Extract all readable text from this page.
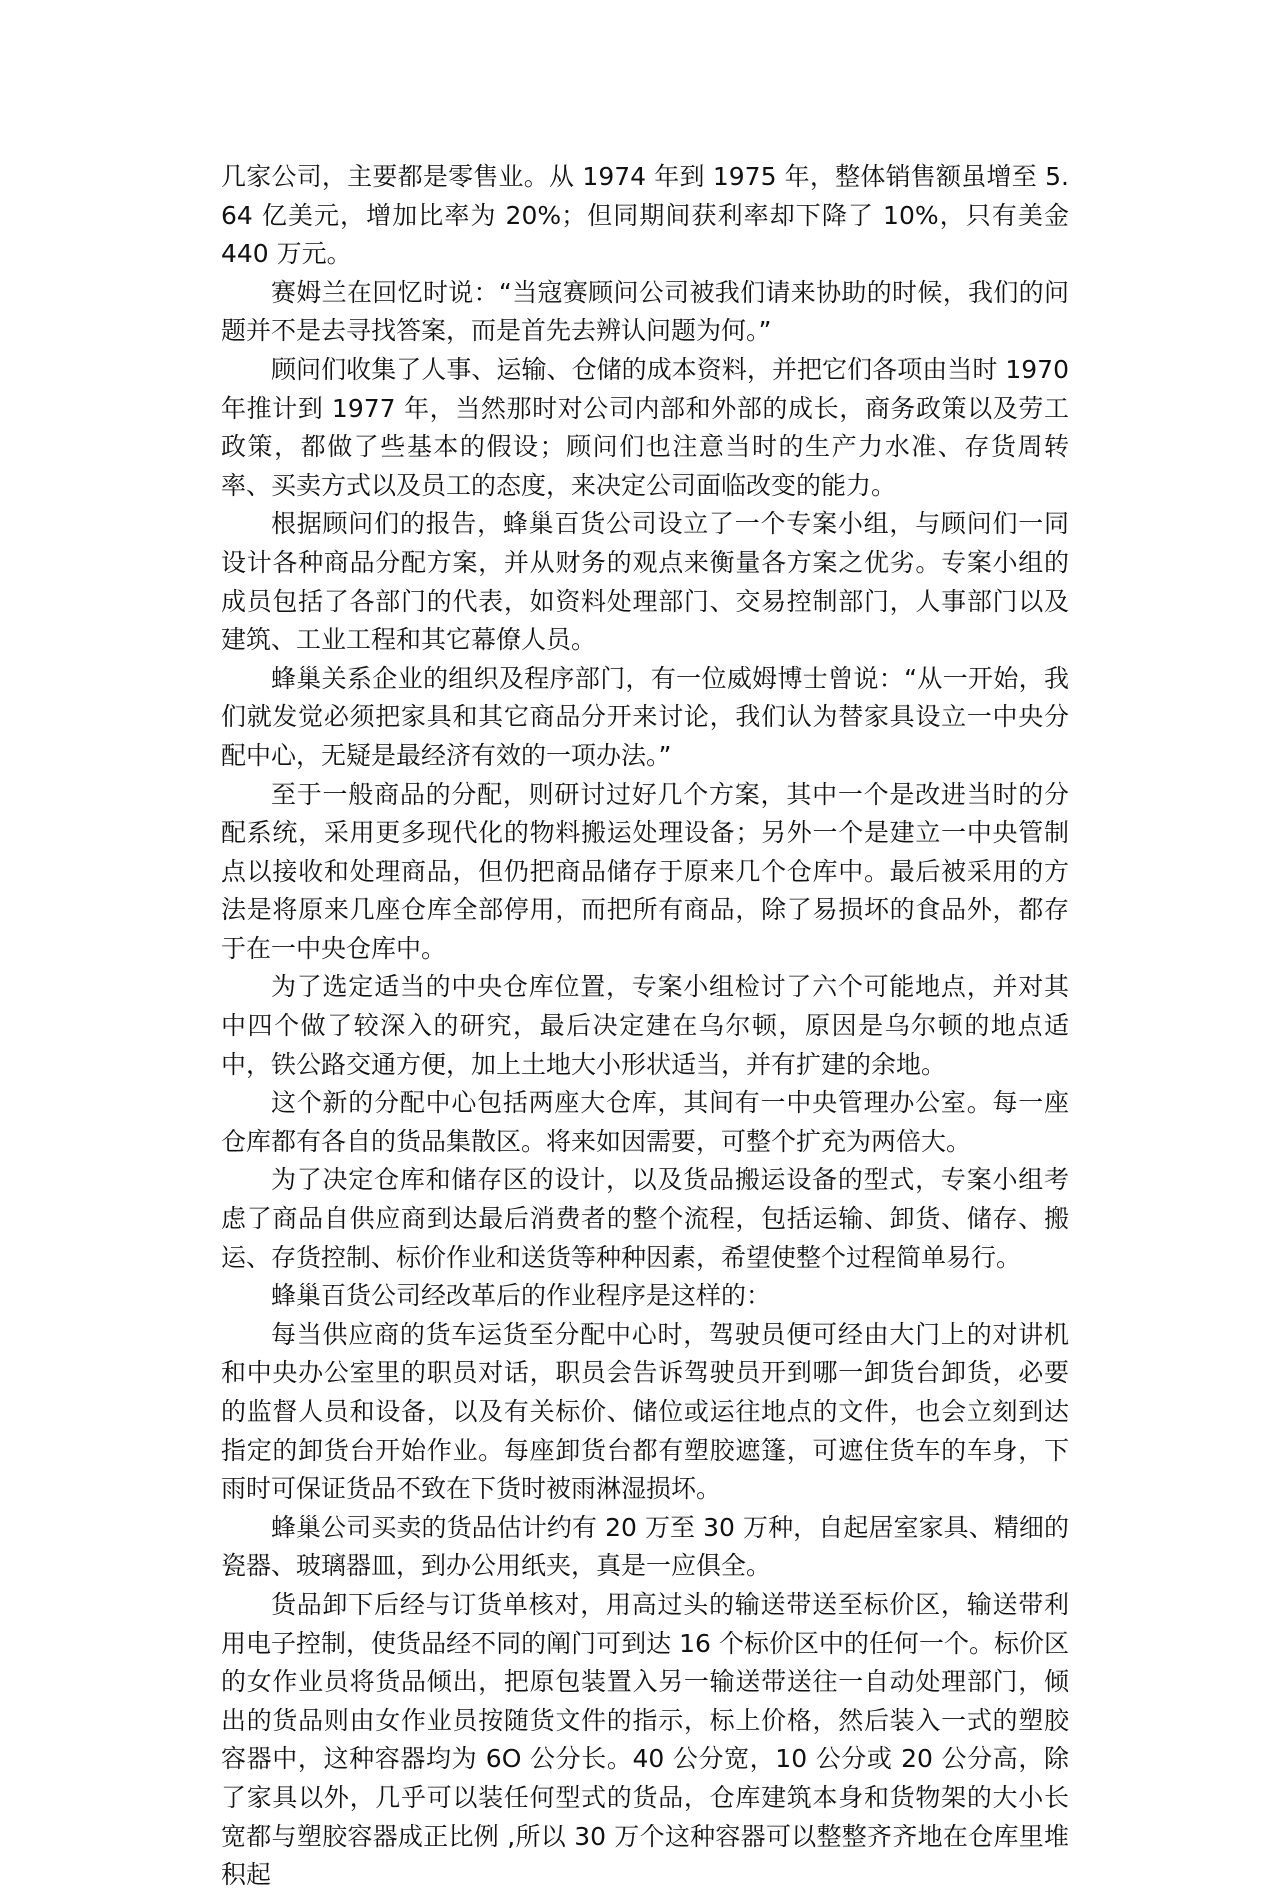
几家公司，主要都是零售业。从 1974 年到 1975 年，整体销售额虽增至 5. 64 亿美元，增加比率为 20%；但同期间获利率却下降了 10%，只有美金 440 万元。

赛姆兰在回忆时说：“当寇赛顾问公司被我们请来协助的时候，我们的问题并不是去寻找答案，而是首先去辨认问题为何。”

顾问们收集了人事、运输、仓储的成本资料，并把它们各项由当时 1970 年推计到 1977 年，当然那时对公司内部和外部的成长，商务政策以及劳工政策，都做了些基本的假设；顾问们也注意当时的生产力水准、存货周转率、买卖方式以及员工的态度，来决定公司面临改变的能力。

根据顾问们的报告，蜂巢百货公司设立了一个专案小组，与顾问们一同设计各种商品分配方案，并从财务的观点来衡量各方案之优劣。专案小组的成员包括了各部门的代表，如资料处理部门、交易控制部门，人事部门以及建筑、工业工程和其它幕僚人员。

蜂巢关系企业的组织及程序部门，有一位威姆博士曾说：“从一开始，我们就发觉必须把家具和其它商品分开来讨论，我们认为替家具设立一中央分配中心，无疑是最经济有效的一项办法。”

至于一般商品的分配，则研讨过好几个方案，其中一个是改进当时的分配系统，采用更多现代化的物料搬运处理设备；另外一个是建立一中央管制点以接收和处理商品，但仍把商品储存于原来几个仓库中。最后被采用的方法是将原来几座仓库全部停用，而把所有商品，除了易损坏的食品外，都存于在一中央仓库中。

为了选定适当的中央仓库位置，专案小组检讨了六个可能地点，并对其中四个做了较深入的研究，最后决定建在乌尔顿，原因是乌尔顿的地点适中，铁公路交通方便，加上土地大小形状适当，并有扩建的余地。

这个新的分配中心包括两座大仓库，其间有一中央管理办公室。每一座仓库都有各自的货品集散区。将来如因需要，可整个扩充为两倍大。

为了决定仓库和储存区的设计，以及货品搬运设备的型式，专案小组考虑了商品自供应商到达最后消费者的整个流程，包括运输、卸货、储存、搬运、存货控制、标价作业和送货等种种因素，希望使整个过程简单易行。

蜂巢百货公司经改革后的作业程序是这样的：

每当供应商的货车运货至分配中心时，驾驶员便可经由大门上的对讲机和中央办公室里的职员对话，职员会告诉驾驶员开到哪一卸货台卸货，必要的监督人员和设备，以及有关标价、储位或运往地点的文件，也会立刻到达指定的卸货台开始作业。每座卸货台都有塑胶遮篷，可遮住货车的车身，下雨时可保证货品不致在下货时被雨淋湿损坏。

蜂巢公司买卖的货品估计约有 20 万至 30 万种，自起居室家具、精细的瓷器、玻璃器皿，到办公用纸夹，真是一应俱全。

货品卸下后经与订货单核对，用高过头的输送带送至标价区，输送带利用电子控制，使货品经不同的阐门可到达 16 个标价区中的任何一个。标价区的女作业员将货品倾出，把原包装置入另一输送带送往一自动处理部门，倾出的货品则由女作业员按随货文件的指示，标上价格，然后装入一式的塑胶容器中，这种容器均为 6O 公分长。40 公分宽，10 公分或 20 公分高，除了家具以外，几乎可以装任何型式的货品，仓库建筑本身和货物架的大小长宽都与塑胶容器成正比例 ,所以 30 万个这种容器可以整整齐齐地在仓库里堆积起
